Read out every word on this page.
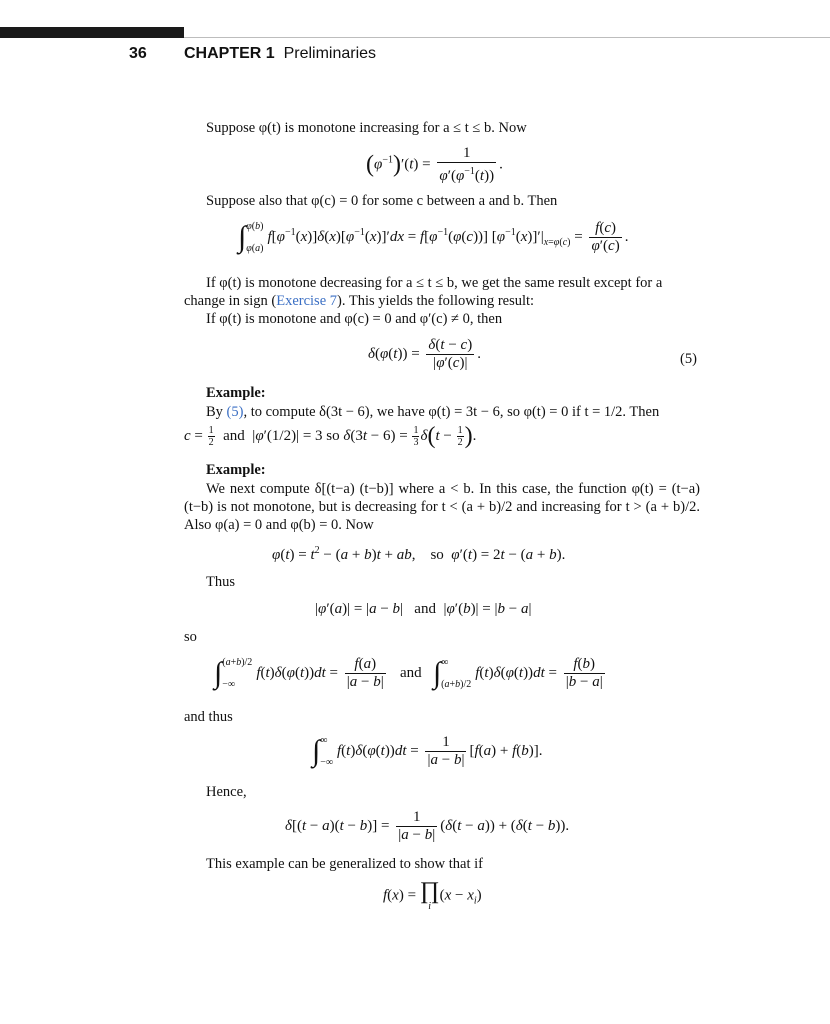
36 CHAPTER 1 Preliminaries
Suppose φ(t) is monotone increasing for a ≤ t ≤ b. Now
$(\varphi^{-1})'(t) = \frac{1}{\varphi'(\varphi^{-1}(t))}$ .
Suppose also that φ(c) = 0 for some c between a and b. Then
∫ φ(b)

φ(a)
$f[\varphi^{-1}(x)]\delta(x)[\varphi^{-1}(x)]'dx = f[\varphi^{-1}(\varphi(c))] [\varphi^{-1}(x)]'|_{x=\varphi(c)} = \frac{f(c)}{\varphi'(c)}$ .
If φ(t) is monotone decreasing for a ≤ t ≤ b, we get the same result except for a
change in sign (Exercise 7). This yields the following result:
If φ(t) is monotone and φ(c) = 0 and φ′(c) ≠ 0, then
$\delta(\varphi(t)) = \frac{\delta(t - c)}{|\varphi'(c)|}$ .	(5)
Example:
By (5), to compute δ(3t − 6), we have φ(t) = 3t − 6, so φ(t) = 0 if t = 1/2. Then
$c = \frac{1}{2}$ and  |φ′(1/2)| = 3 so $\delta(3t - 6) = \frac{1}{3} \delta(t - \frac{1}{2}$ ).
Example:
We next compute δ[(t−a) (t−b)] where a < b. In this case, the function φ(t) = (t−a) (t−b) is not monotone, but is decreasing for t < (a + b)/2 and increasing for t > (a + b)/2. Also φ(a) = 0 and φ(b) = 0. Now
$\varphi(t) = t^2 - (a + b)t$ + ab,    so  φ′(t) = 2t − (a + b).
Thus
|φ′(a)| = |a − b|   and  |φ′(b)| = |b − a|
so
∫ (a+b)/2

−∞
$f(t)\delta(\varphi(t))dt = \frac{f(a)}{|a - b|}$ and   ∫ ∞

(a+b)/2
$f(t)\delta(\varphi(t))dt = \frac{f(b)}{|b - a|}$
and thus
∫ ∞

−∞
$f(t)\delta(\varphi(t))dt = \frac{1}{|a - b|} [f(a) + f(b)]$.
Hence,
$\delta[(t - a)(t - b)] = \frac{1}{|a - b|} (\delta(t - a)) + (\delta(t - b))$.
This example can be generalized to show that if
f(x) = ∏
i
$(x - x_i)$
